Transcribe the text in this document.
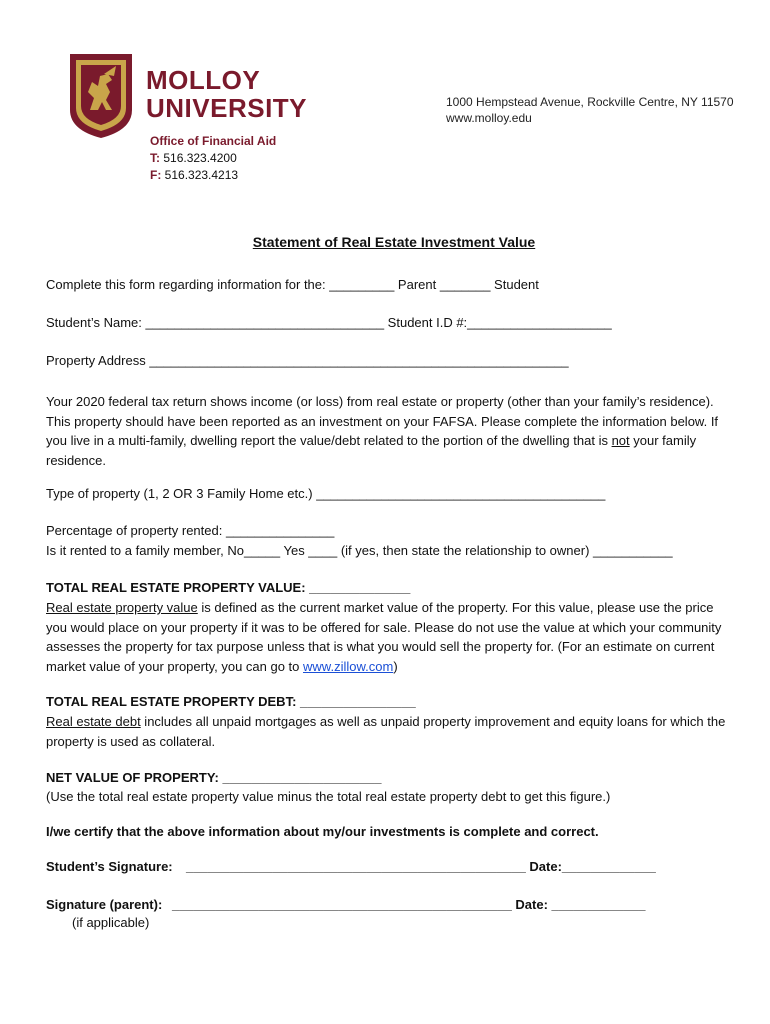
MOLLOY
UNIVERSITY	1000 Hempstead Avenue, Rockville Centre, NY 11570
www.molloy.edu
Office of Financial Aid
T: 516.323.4200
F: 516.323.4213
Statement of Real Estate Investment Value
Complete this form regarding information for the: _________ Parent _______ Student
Student’s Name: _________________________________ Student I.D #:____________________
Property Address __________________________________________________________
Your 2020 federal tax return shows income (or loss) from real estate or property (other than your family’s residence). This property should have been reported as an investment on your FAFSA. Please complete the information below. If you live in a multi-family, dwelling report the value/debt related to the portion of the dwelling that is not your family residence.
Type of property (1, 2 OR 3 Family Home etc.) ________________________________________
Percentage of property rented: _______________
Is it rented to a family member, No_____ Yes ____ (if yes, then state the relationship to owner) ___________
TOTAL REAL ESTATE PROPERTY VALUE: ______________
Real estate property value is defined as the current market value of the property. For this value, please use the price you would place on your property if it was to be offered for sale. Please do not use the value at which your community assesses the property for tax purpose unless that is what you would sell the property for. (For an estimate on current market value of your property, you can go to www.zillow.com)
TOTAL REAL ESTATE PROPERTY DEBT: ________________
Real estate debt includes all unpaid mortgages as well as unpaid property improvement and equity loans for which the property is used as collateral.
NET VALUE OF PROPERTY: ______________________
(Use the total real estate property value minus the total real estate property debt to get this figure.)
I/we certify that the above information about my/our investments is complete and correct.
Student’s Signature: _______________________________________________ Date:_____________
Signature (parent): _______________________________________________ Date: _____________
(if applicable)
